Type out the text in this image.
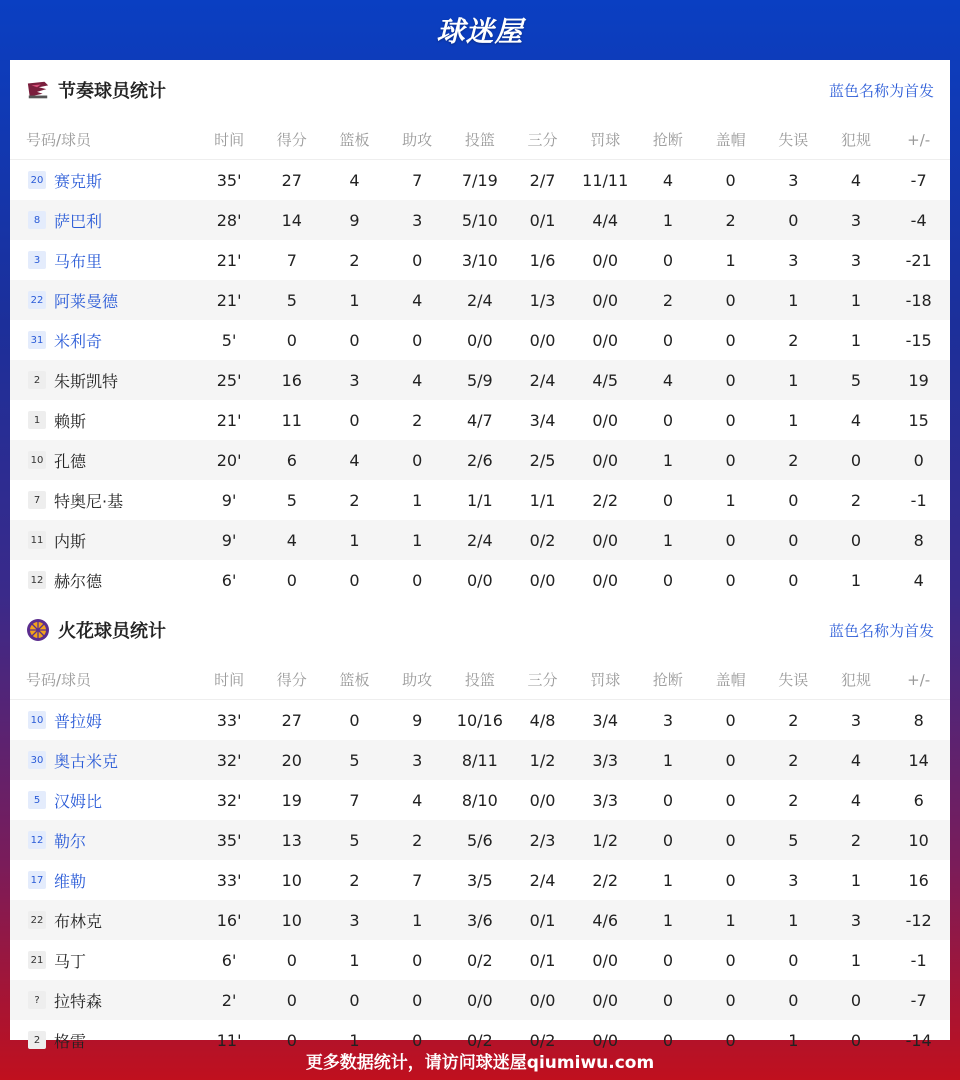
球迷屋
节奏球员统计	蓝色名称为首发
号码/球员	时间	得分	篮板	助攻	投篮	三分	罚球	抢断	盖帽	失误	犯规	+/-
20 赛克斯	35'	27	4	7	7/19	2/7	11/11	4	0	3	4	-7
8 萨巴利	28'	14	9	3	5/10	0/1	4/4	1	2	0	3	-4
3 马布里	21'	7	2	0	3/10	1/6	0/0	0	1	3	3	-21
22 阿莱曼德	21'	5	1	4	2/4	1/3	0/0	2	0	1	1	-18
31 米利奇	5'	0	0	0	0/0	0/0	0/0	0	0	2	1	-15
2 朱斯凯特	25'	16	3	4	5/9	2/4	4/5	4	0	1	5	19
1 赖斯	21'	11	0	2	4/7	3/4	0/0	0	0	1	4	15
10 孔德	20'	6	4	0	2/6	2/5	0/0	1	0	2	0	0
7 特奥尼·基	9'	5	2	1	1/1	1/1	2/2	0	1	0	2	-1
11 内斯	9'	4	1	1	2/4	0/2	0/0	1	0	0	0	8
12 赫尔德	6'	0	0	0	0/0	0/0	0/0	0	0	0	1	4
火花球员统计	蓝色名称为首发
号码/球员	时间	得分	篮板	助攻	投篮	三分	罚球	抢断	盖帽	失误	犯规	+/-
10 普拉姆	33'	27	0	9	10/16	4/8	3/4	3	0	2	3	8
30 奥古米克	32'	20	5	3	8/11	1/2	3/3	1	0	2	4	14
5 汉姆比	32'	19	7	4	8/10	0/0	3/3	0	0	2	4	6
12 勒尔	35'	13	5	2	5/6	2/3	1/2	0	0	5	2	10
17 维勒	33'	10	2	7	3/5	2/4	2/2	1	0	3	1	16
22 布林克	16'	10	3	1	3/6	0/1	4/6	1	1	1	3	-12
21 马丁	6'	0	1	0	0/2	0/1	0/0	0	0	0	1	-1
? 拉特森	2'	0	0	0	0/0	0/0	0/0	0	0	0	0	-7
2 格雷	11'	0	1	0	0/2	0/2	0/0	0	0	1	0	-14
更多数据统计，请访问球迷屋qiumiwu.com
